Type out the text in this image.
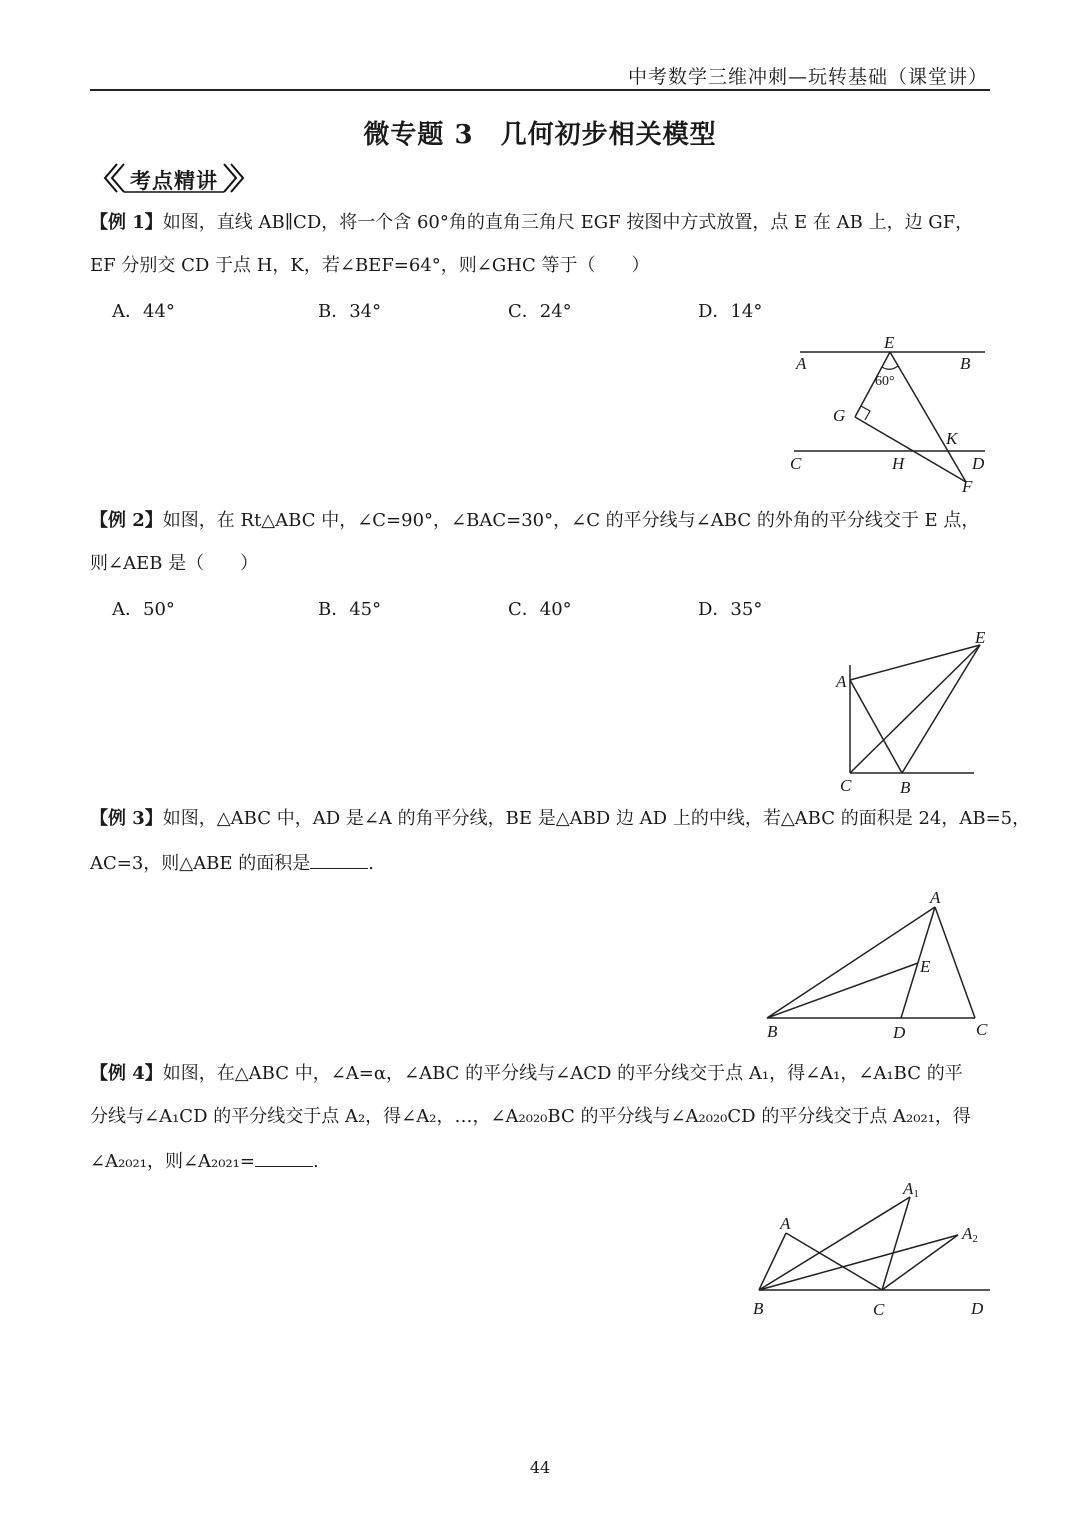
中考数学三维冲刺—玩转基础（课堂讲）
微专题 3　几何初步相关模型
考点精讲
【例 1】如图，直线 AB∥CD，将一个含 60°角的直角三角尺 EGF 按图中方式放置，点 E 在 AB 上，边 GF，
EF 分别交 CD 于点 H，K，若∠BEF=64°，则∠GHC 等于（　　）
A．44°	B．34°	C．24°	D．14°
A
E
B
60°
G
K
C	H	D
F
【例 2】如图，在 Rt△ABC 中，∠C=90°，∠BAC=30°，∠C 的平分线与∠ABC 的外角的平分线交于 E 点，
则∠AEB 是（　　）
A．50°	B．45°	C．40°	D．35°
E
A
C	B
【例 3】如图，△ABC 中，AD 是∠A 的角平分线，BE 是△ABD 边 AD 上的中线，若△ABC 的面积是 24，AB=5，
AC=3，则△ABE 的面积是	.
A
E
B	D	C
【例 4】如图，在△ABC 中，∠A=α，∠ABC 的平分线与∠ACD 的平分线交于点 A₁，得∠A₁，∠A₁BC 的平
分线与∠A₁CD 的平分线交于点 A₂，得∠A₂，…，∠A₂₀₂₀BC 的平分线与∠A₂₀₂₀CD 的平分线交于点 A₂₀₂₁，得
∠A₂₀₂₁，则∠A₂₀₂₁=	.
A
A1
A2
B	C	D
44
